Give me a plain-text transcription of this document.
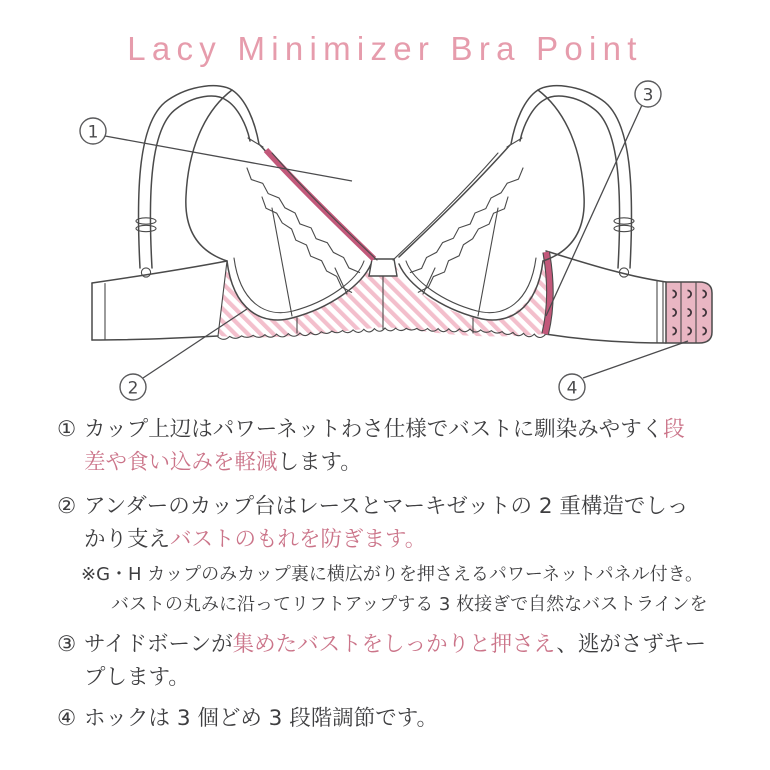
Lacy Minimizer Bra Point
1
2
3
4
① カップ上辺はパワーネットわさ仕様でバストに馴染みやすく段
差や食い込みを軽減します。
② アンダーのカップ台はレースとマーキゼットの 2 重構造でしっ
かり支えバストのもれを防ぎます。
※G・H カップのみカップ裏に横広がりを押さえるパワーネットパネル付き。
バストの丸みに沿ってリフトアップする 3 枚接ぎで自然なバストラインを
③ サイドボーンが集めたバストをしっかりと押さえ、逃がさずキー
プします。
④ ホックは 3 個どめ 3 段階調節です。
